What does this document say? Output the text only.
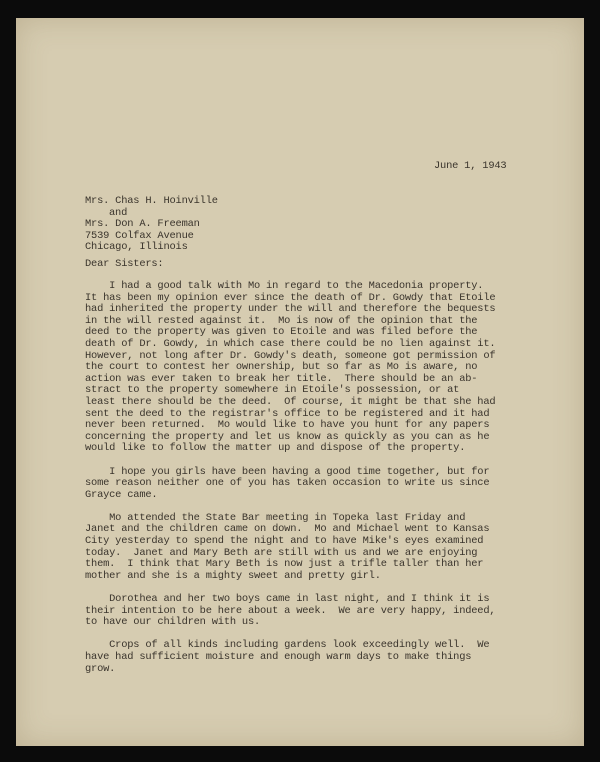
June 1, 1943
Mrs. Chas H. Hoinville
and
Mrs. Don A. Freeman
7539 Colfax Avenue
Chicago, Illinois
Dear Sisters:
I had a good talk with Mo in regard to the Macedonia property.
It has been my opinion ever since the death of Dr. Gowdy that Etoile
had inherited the property under the will and therefore the bequests
in the will rested against it.  Mo is now of the opinion that the
deed to the property was given to Etoile and was filed before the
death of Dr. Gowdy, in which case there could be no lien against it.
However, not long after Dr. Gowdy's death, someone got permission of
the court to contest her ownership, but so far as Mo is aware, no
action was ever taken to break her title.  There should be an ab-
stract to the property somewhere in Etoile's possession, or at
least there should be the deed.  Of course, it might be that she had
sent the deed to the registrar's office to be registered and it had
never been returned.  Mo would like to have you hunt for any papers
concerning the property and let us know as quickly as you can as he
would like to follow the matter up and dispose of the property.
I hope you girls have been having a good time together, but for
some reason neither one of you has taken occasion to write us since
Grayce came.
Mo attended the State Bar meeting in Topeka last Friday and
Janet and the children came on down.  Mo and Michael went to Kansas
City yesterday to spend the night and to have Mike's eyes examined
today.  Janet and Mary Beth are still with us and we are enjoying
them.  I think that Mary Beth is now just a trifle taller than her
mother and she is a mighty sweet and pretty girl.
Dorothea and her two boys came in last night, and I think it is
their intention to be here about a week.  We are very happy, indeed,
to have our children with us.
Crops of all kinds including gardens look exceedingly well.  We
have had sufficient moisture and enough warm days to make things
grow.
